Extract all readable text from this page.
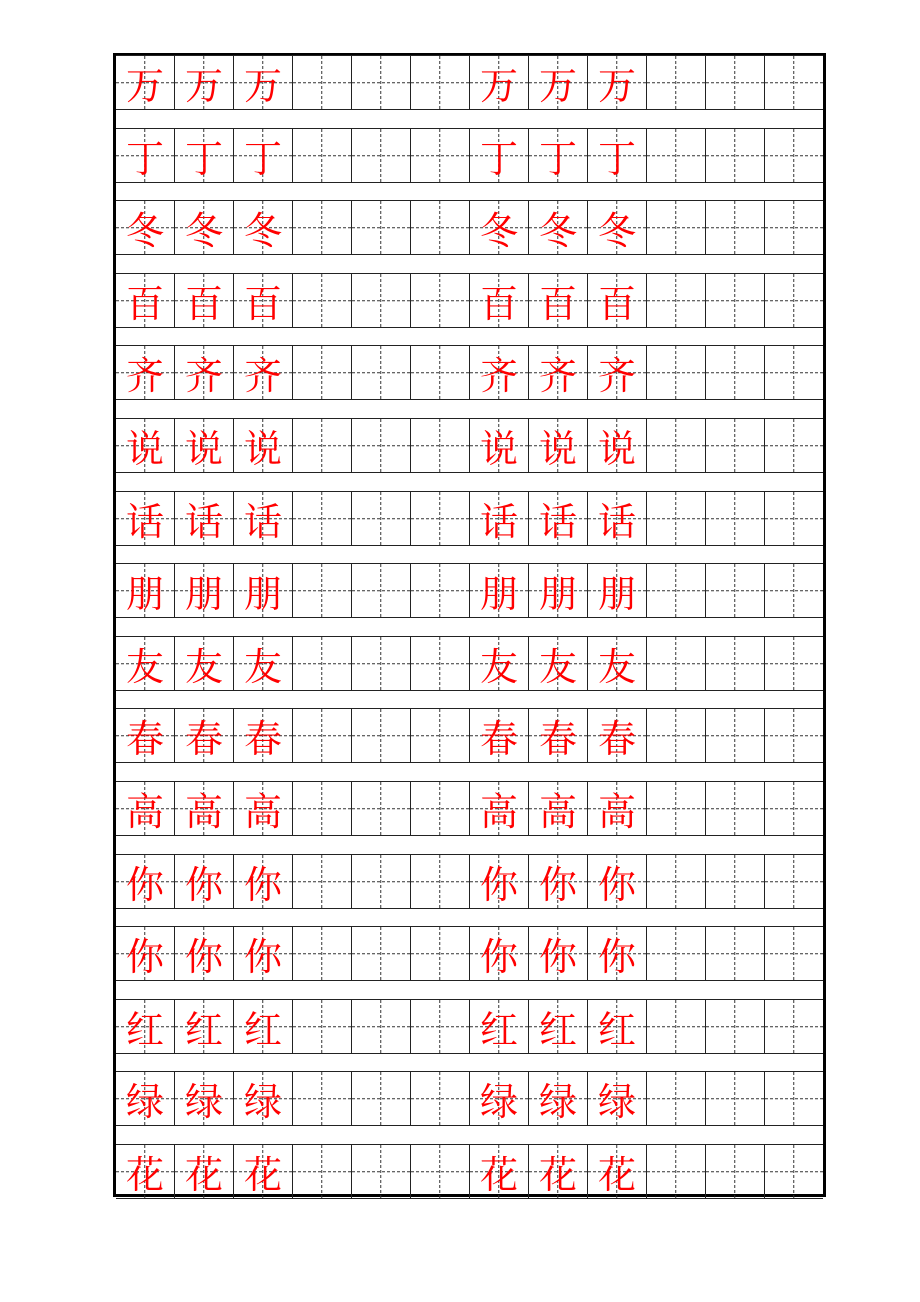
万 万 万	万 万 万
丁 丁 丁	丁 丁 丁
冬 冬 冬	冬 冬 冬
百 百 百	百 百 百
齐 齐 齐	齐 齐 齐
说 说 说	说 说 说
话 话 话	话 话 话
朋 朋 朋	朋 朋 朋
友 友 友	友 友 友
春 春 春	春 春 春
高 高 高	高 高 高
你 你 你	你 你 你
你 你 你	你 你 你
红 红 红	红 红 红
绿 绿 绿	绿 绿 绿
花 花 花	花 花 花
